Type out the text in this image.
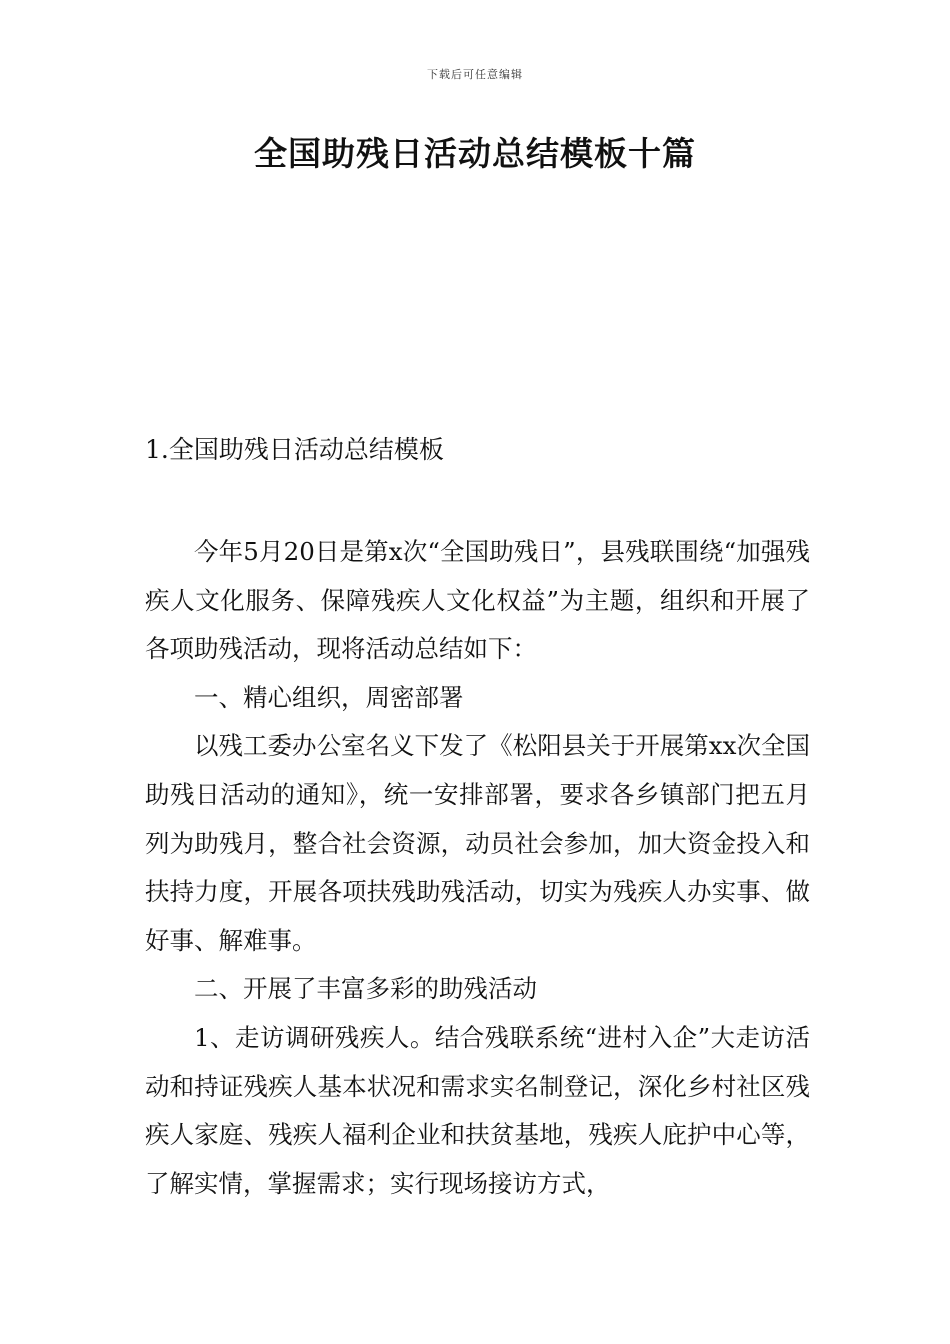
下载后可任意编辑
全国助残日活动总结模板十篇
1.全国助残日活动总结模板

今年5月20日是第x次“全国助残日”，县残联围绕“加强残疾人文化服务、保障残疾人文化权益”为主题，组织和开展了各项助残活动，现将活动总结如下：

一、精心组织，周密部署

以残工委办公室名义下发了《松阳县关于开展第xx次全国助残日活动的通知》，统一安排部署，要求各乡镇部门把五月列为助残月，整合社会资源，动员社会参加，加大资金投入和扶持力度，开展各项扶残助残活动，切实为残疾人办实事、做好事、解难事。

二、开展了丰富多彩的助残活动

1、走访调研残疾人。结合残联系统“进村入企”大走访活动和持证残疾人基本状况和需求实名制登记，深化乡村社区残疾人家庭、残疾人福利企业和扶贫基地，残疾人庇护中心等，了解实情，掌握需求；实行现场接访方式，
